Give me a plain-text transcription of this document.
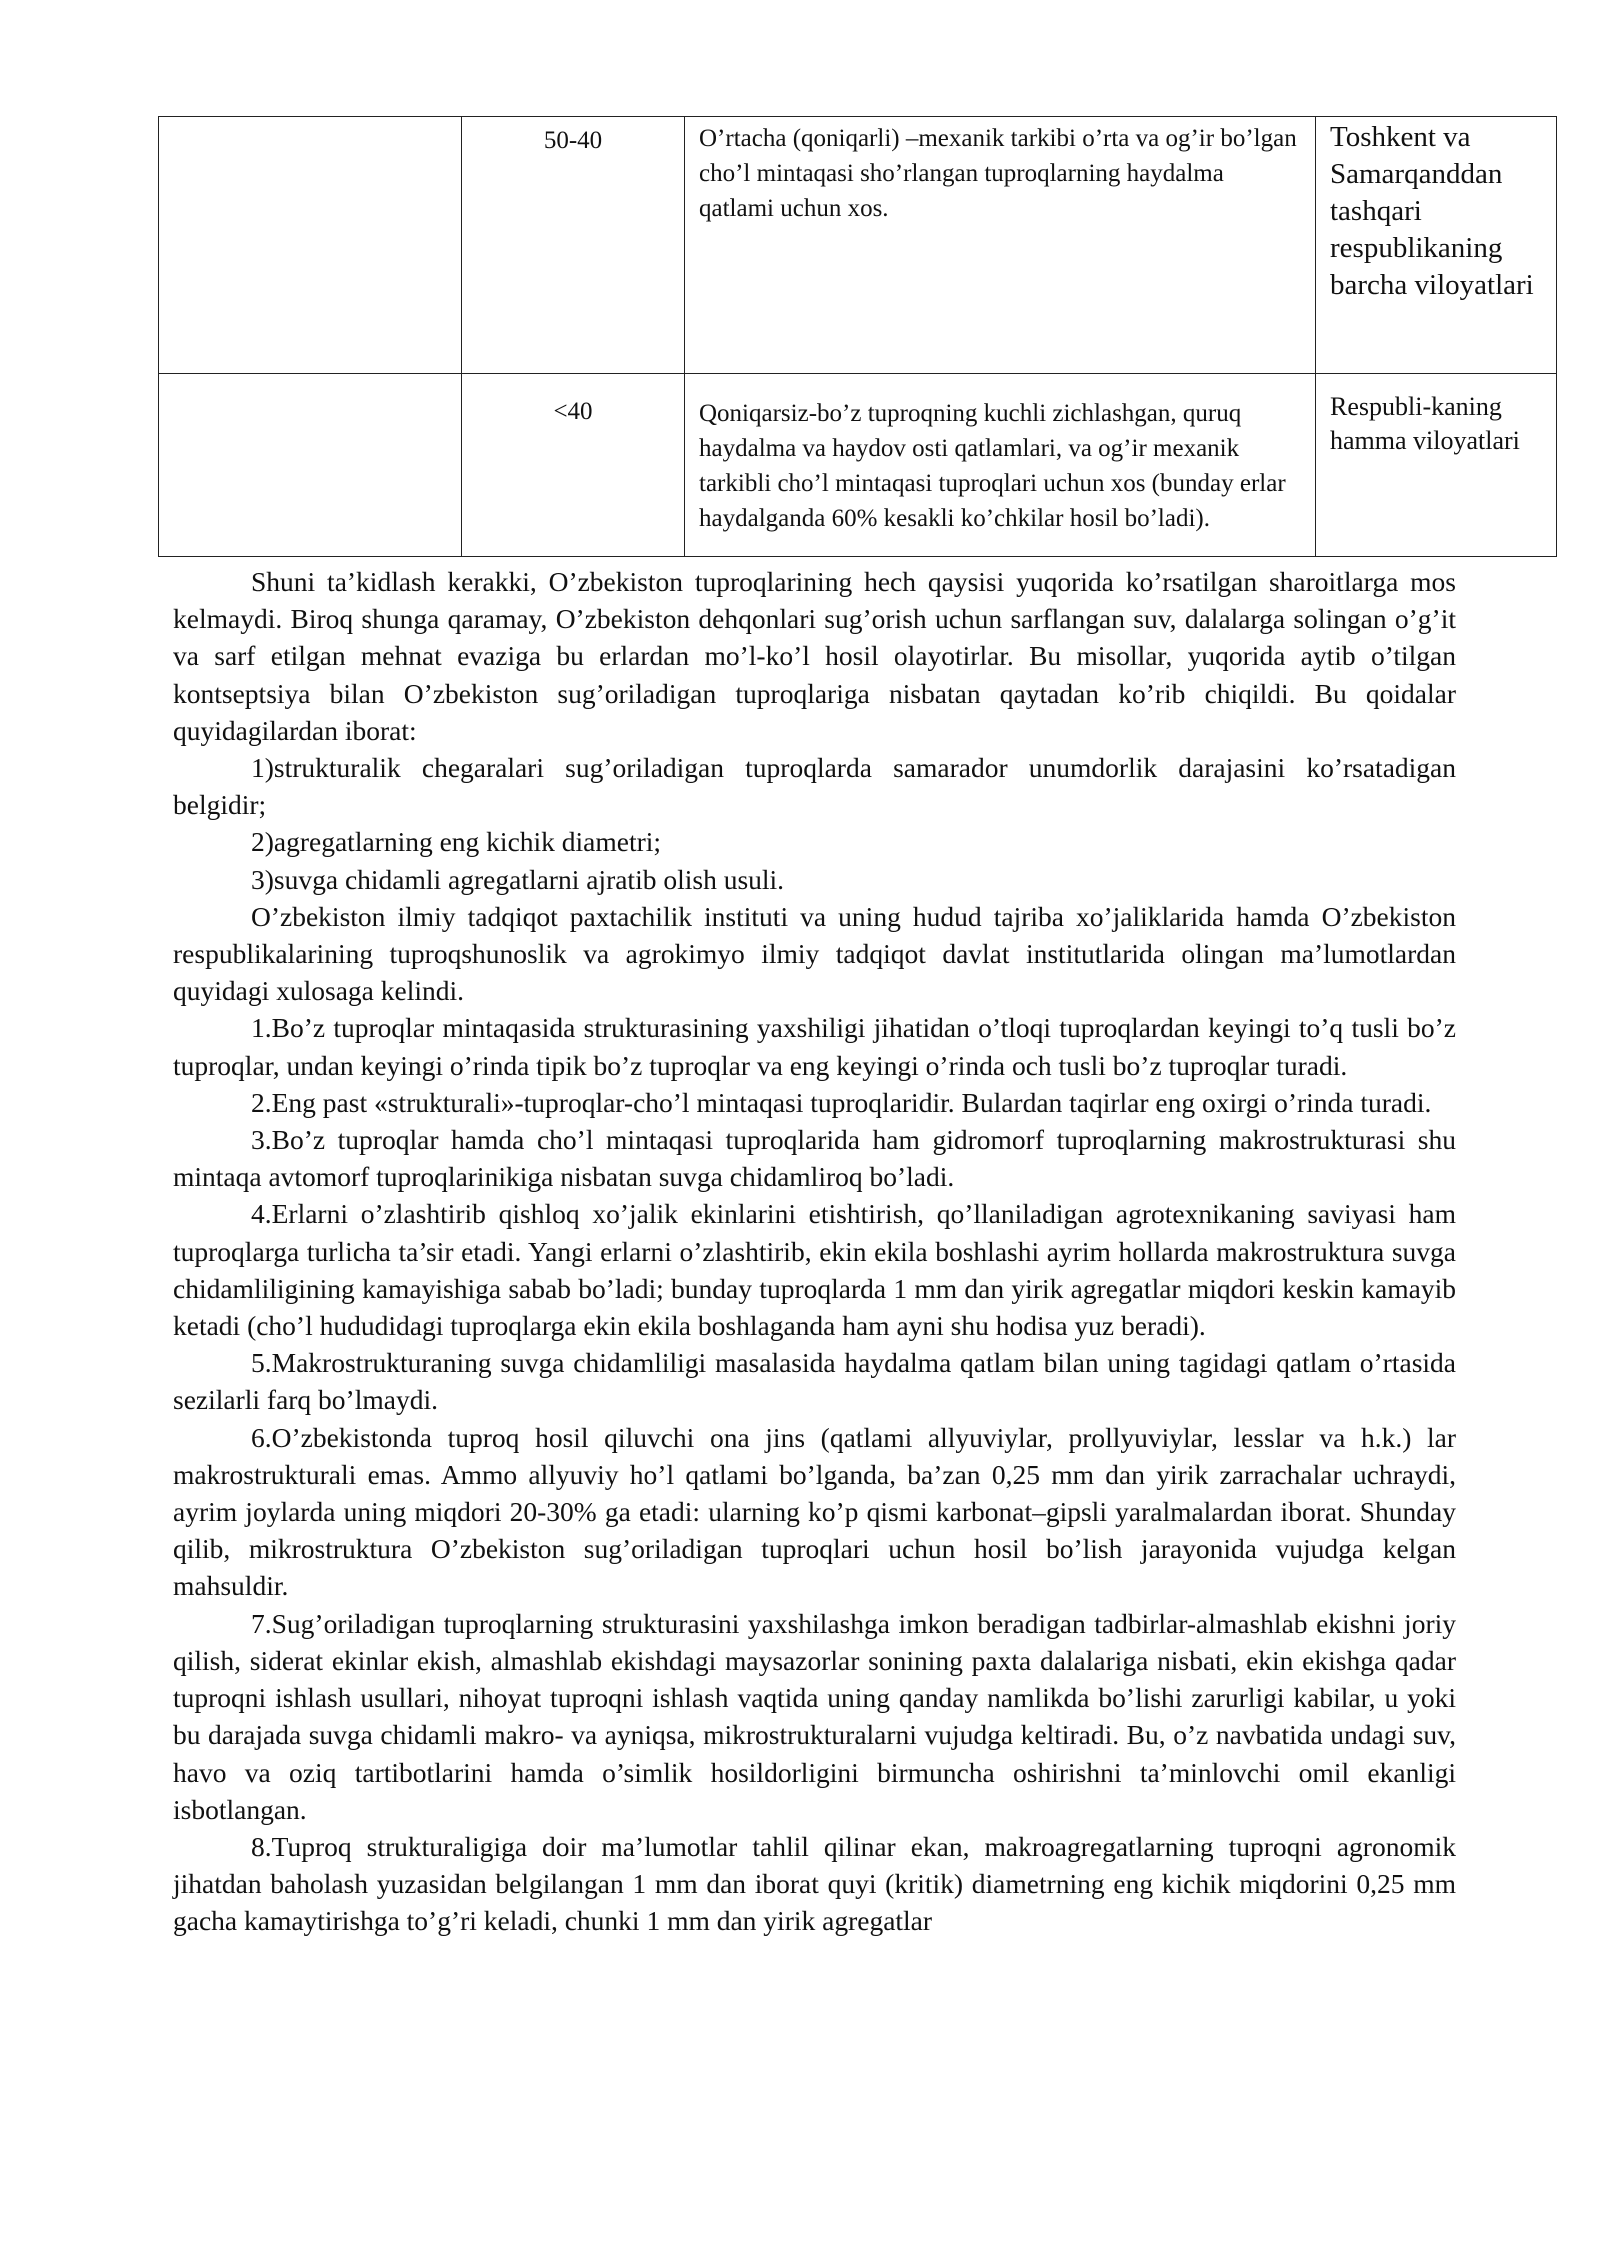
	50-40	O’rtacha (qoniqarli) –mexanik tarkibi o’rta va og’ir bo’lgan cho’l mintaqasi sho’rlangan tuproqlarning haydalma qatlami uchun xos.	Toshkent va Samarqanddan tashqari respublikaning barcha viloyatlari

	<40	Qoniqarsiz-bo’z tuproqning kuchli zichlashgan, quruq haydalma va haydov osti qatlamlari, va og’ir mexanik tarkibli cho’l mintaqasi tuproqlari uchun xos (bunday erlar haydalganda 60% kesakli ko’chkilar hosil bo’ladi).	Respubli-kaning hamma viloyatlari

Shuni ta’kidlash kerakki, O’zbekiston tuproqlarining hech qaysisi yuqorida ko’rsatilgan sharoitlarga mos kelmaydi. Biroq shunga qaramay, O’zbekiston dehqonlari sug’orish uchun sarflangan suv, dalalarga solingan o’g’it va sarf etilgan mehnat evaziga bu erlardan mo’l-ko’l hosil olayotirlar. Bu misollar, yuqorida aytib o’tilgan kontseptsiya bilan O’zbekiston sug’oriladigan tuproqlariga nisbatan qaytadan ko’rib chiqildi. Bu qoidalar quyidagilardan iborat:

1)strukturalik chegaralari sug’oriladigan tuproqlarda samarador unumdorlik darajasini ko’rsatadigan belgidir;

2)agregatlarning eng kichik diametri;

3)suvga chidamli agregatlarni ajratib olish usuli.

O’zbekiston ilmiy tadqiqot paxtachilik instituti va uning hudud tajriba xo’jaliklarida hamda O’zbekiston respublikalarining tuproqshunoslik va agrokimyo ilmiy tadqiqot davlat institutlarida olingan ma’lumotlardan quyidagi xulosaga kelindi.

1.Bo’z tuproqlar mintaqasida strukturasining yaxshiligi jihatidan o’tloqi tuproqlardan keyingi to’q tusli bo’z tuproqlar, undan keyingi o’rinda tipik bo’z tuproqlar va eng keyingi o’rinda och tusli bo’z tuproqlar turadi.

2.Eng past «strukturali»-tuproqlar-cho’l mintaqasi tuproqlaridir. Bulardan taqirlar eng oxirgi o’rinda turadi.

3.Bo’z tuproqlar hamda cho’l mintaqasi tuproqlarida ham gidromorf tuproqlarning makrostrukturasi shu mintaqa avtomorf tuproqlarinikiga nisbatan suvga chidamliroq bo’ladi.

4.Erlarni o’zlashtirib qishloq xo’jalik ekinlarini etishtirish, qo’llaniladigan agrotexnikaning saviyasi ham tuproqlarga turlicha ta’sir etadi. Yangi erlarni o’zlashtirib, ekin ekila boshlashi ayrim hollarda makrostruktura suvga chidamliligining kamayishiga sabab bo’ladi; bunday tuproqlarda 1 mm dan yirik agregatlar miqdori keskin kamayib ketadi (cho’l hududidagi tuproqlarga ekin ekila boshlaganda ham ayni shu hodisa yuz beradi).

5.Makrostrukturaning suvga chidamliligi masalasida haydalma qatlam bilan uning tagidagi qatlam o’rtasida sezilarli farq bo’lmaydi.

6.O’zbekistonda tuproq hosil qiluvchi ona jins (qatlami allyuviylar, prollyuviylar, lesslar va h.k.) lar makrostrukturali emas. Ammo allyuviy ho’l qatlami bo’lganda, ba’zan 0,25 mm dan yirik zarrachalar uchraydi, ayrim joylarda uning miqdori 20-30% ga etadi: ularning ko’p qismi karbonat–gipsli yaralmalardan iborat. Shunday qilib, mikrostruktura O’zbekiston sug’oriladigan tuproqlari uchun hosil bo’lish jarayonida vujudga kelgan mahsuldir.

7.Sug’oriladigan tuproqlarning strukturasini yaxshilashga imkon beradigan tadbirlar-almashlab ekishni joriy qilish, siderat ekinlar ekish, almashlab ekishdagi maysazorlar sonining paxta dalalariga nisbati, ekin ekishga qadar tuproqni ishlash usullari, nihoyat tuproqni ishlash vaqtida uning qanday namlikda bo’lishi zarurligi kabilar, u yoki bu darajada suvga chidamli makro- va ayniqsa, mikrostrukturalarni vujudga keltiradi. Bu, o’z navbatida undagi suv, havo va oziq tartibotlarini hamda o’simlik hosildorligini birmuncha oshirishni ta’minlovchi omil ekanligi isbotlangan.

8.Tuproq strukturaligiga doir ma’lumotlar tahlil qilinar ekan, makroagregatlarning tuproqni agronomik jihatdan baholash yuzasidan belgilangan 1 mm dan iborat quyi (kritik) diametrning eng kichik miqdorini 0,25 mm gacha kamaytirishga to’g’ri keladi, chunki 1 mm dan yirik agregatlar
